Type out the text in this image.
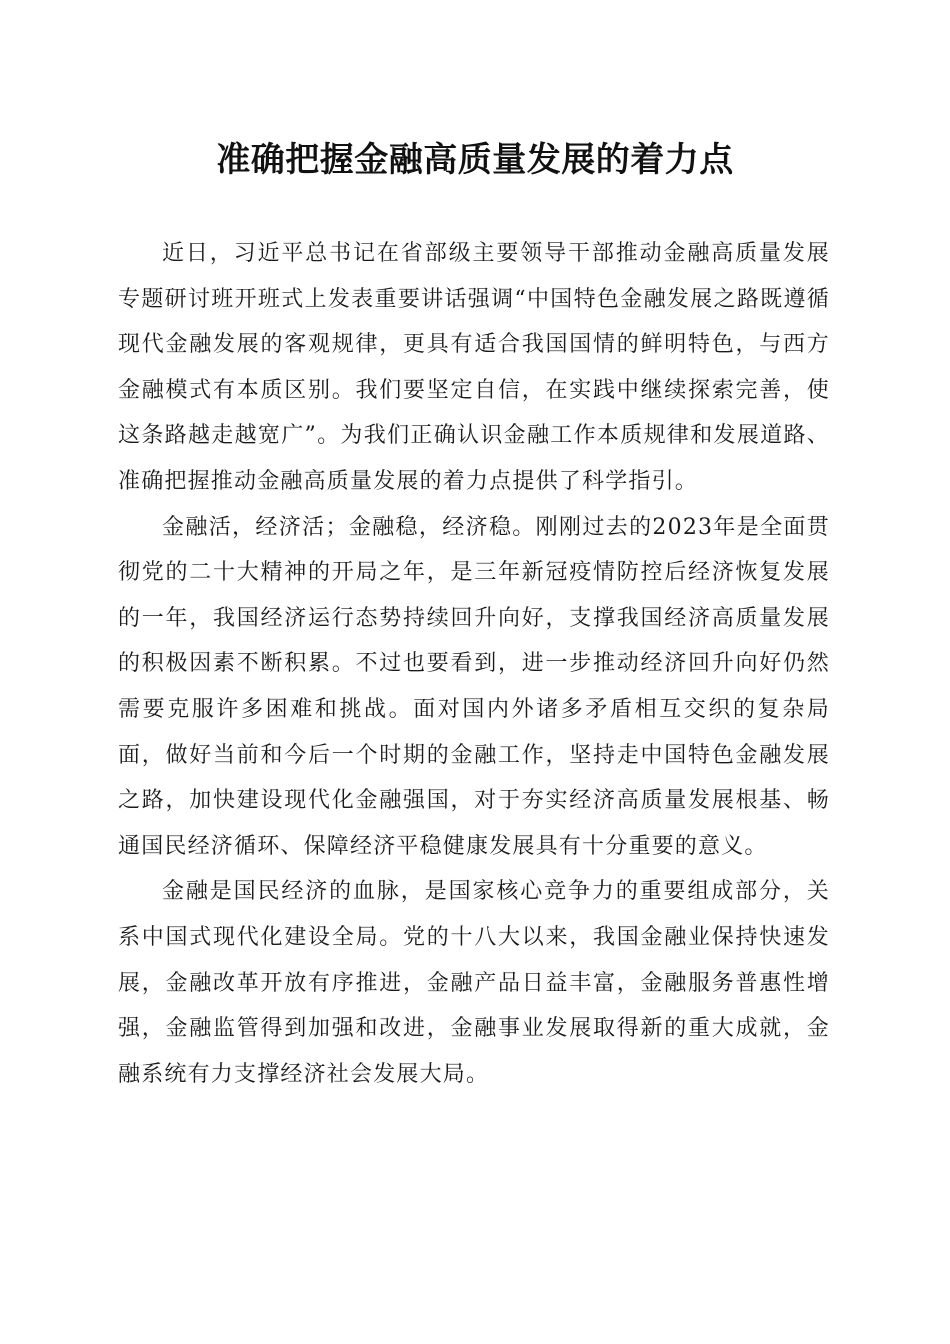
准确把握金融高质量发展的着力点

近日，习近平总书记在省部级主要领导干部推动金融高质量发展专题研讨班开班式上发表重要讲话强调“中国特色金融发展之路既遵循现代金融发展的客观规律，更具有适合我国国情的鲜明特色，与西方金融模式有本质区别。我们要坚定自信，在实践中继续探索完善，使这条路越走越宽广”。为我们正确认识金融工作本质规律和发展道路、准确把握推动金融高质量发展的着力点提供了科学指引。

金融活，经济活；金融稳，经济稳。刚刚过去的2023年是全面贯彻党的二十大精神的开局之年，是三年新冠疫情防控后经济恢复发展的一年，我国经济运行态势持续回升向好，支撑我国经济高质量发展的积极因素不断积累。不过也要看到，进一步推动经济回升向好仍然需要克服许多困难和挑战。面对国内外诸多矛盾相互交织的复杂局面，做好当前和今后一个时期的金融工作，坚持走中国特色金融发展之路，加快建设现代化金融强国，对于夯实经济高质量发展根基、畅通国民经济循环、保障经济平稳健康发展具有十分重要的意义。

金融是国民经济的血脉，是国家核心竞争力的重要组成部分，关系中国式现代化建设全局。党的十八大以来，我国金融业保持快速发展，金融改革开放有序推进，金融产品日益丰富，金融服务普惠性增强，金融监管得到加强和改进，金融事业发展取得新的重大成就，金融系统有力支撑经济社会发展大局。
